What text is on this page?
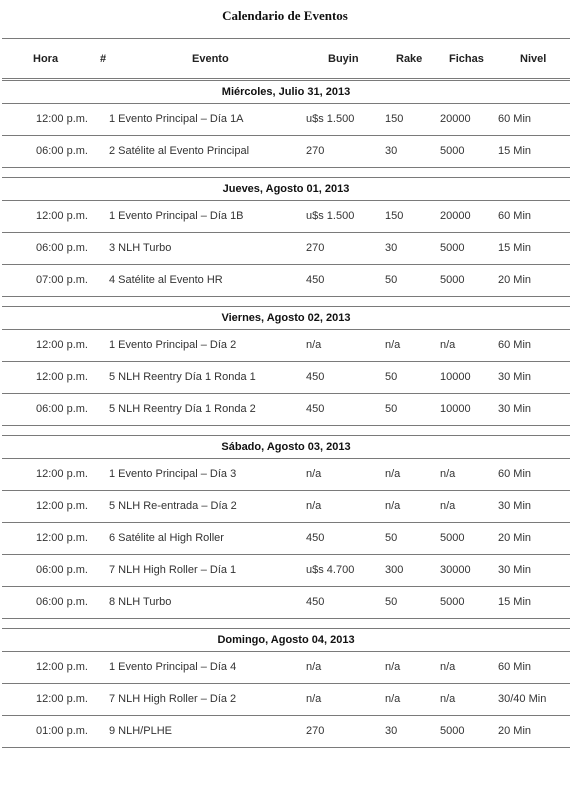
Calendario de Eventos
Hora	#	Evento	Buyin	Rake Fichas	Nivel
Miércoles, Julio 31, 2013
12:00 p.m. 1 Evento Principal – Día 1A	u$s 1.500	150	20000 60 Min
06:00 p.m. 2 Satélite al Evento Principal	270	30	5000	15 Min
Jueves, Agosto 01, 2013
12:00 p.m. 1 Evento Principal – Día 1B	u$s 1.500	150	20000 60 Min
06:00 p.m. 3 NLH Turbo	270	30	5000	15 Min
07:00 p.m. 4 Satélite al Evento HR	450	50	5000	20 Min
Viernes, Agosto 02, 2013
12:00 p.m. 1 Evento Principal – Día 2	n/a	n/a	n/a	60 Min
12:00 p.m. 5 NLH Reentry Día 1 Ronda 1	450	50	10000 30 Min
06:00 p.m. 5 NLH Reentry Día 1 Ronda 2	450	50	10000 30 Min
Sábado, Agosto 03, 2013
12:00 p.m. 1 Evento Principal – Día 3	n/a	n/a	n/a	60 Min
12:00 p.m. 5 NLH Re-entrada – Día 2	n/a	n/a	n/a	30 Min
12:00 p.m. 6 Satélite al High Roller	450	50	5000	20 Min
06:00 p.m. 7 NLH High Roller – Día 1	u$s 4.700	300	30000 30 Min
06:00 p.m. 8 NLH Turbo	450	50	5000	15 Min
Domingo, Agosto 04, 2013
12:00 p.m. 1 Evento Principal – Día 4	n/a	n/a	n/a	60 Min
12:00 p.m. 7 NLH High Roller – Día 2	n/a	n/a	n/a	30/40 Min
01:00 p.m. 9 NLH/PLHE	270	30	5000	20 Min
